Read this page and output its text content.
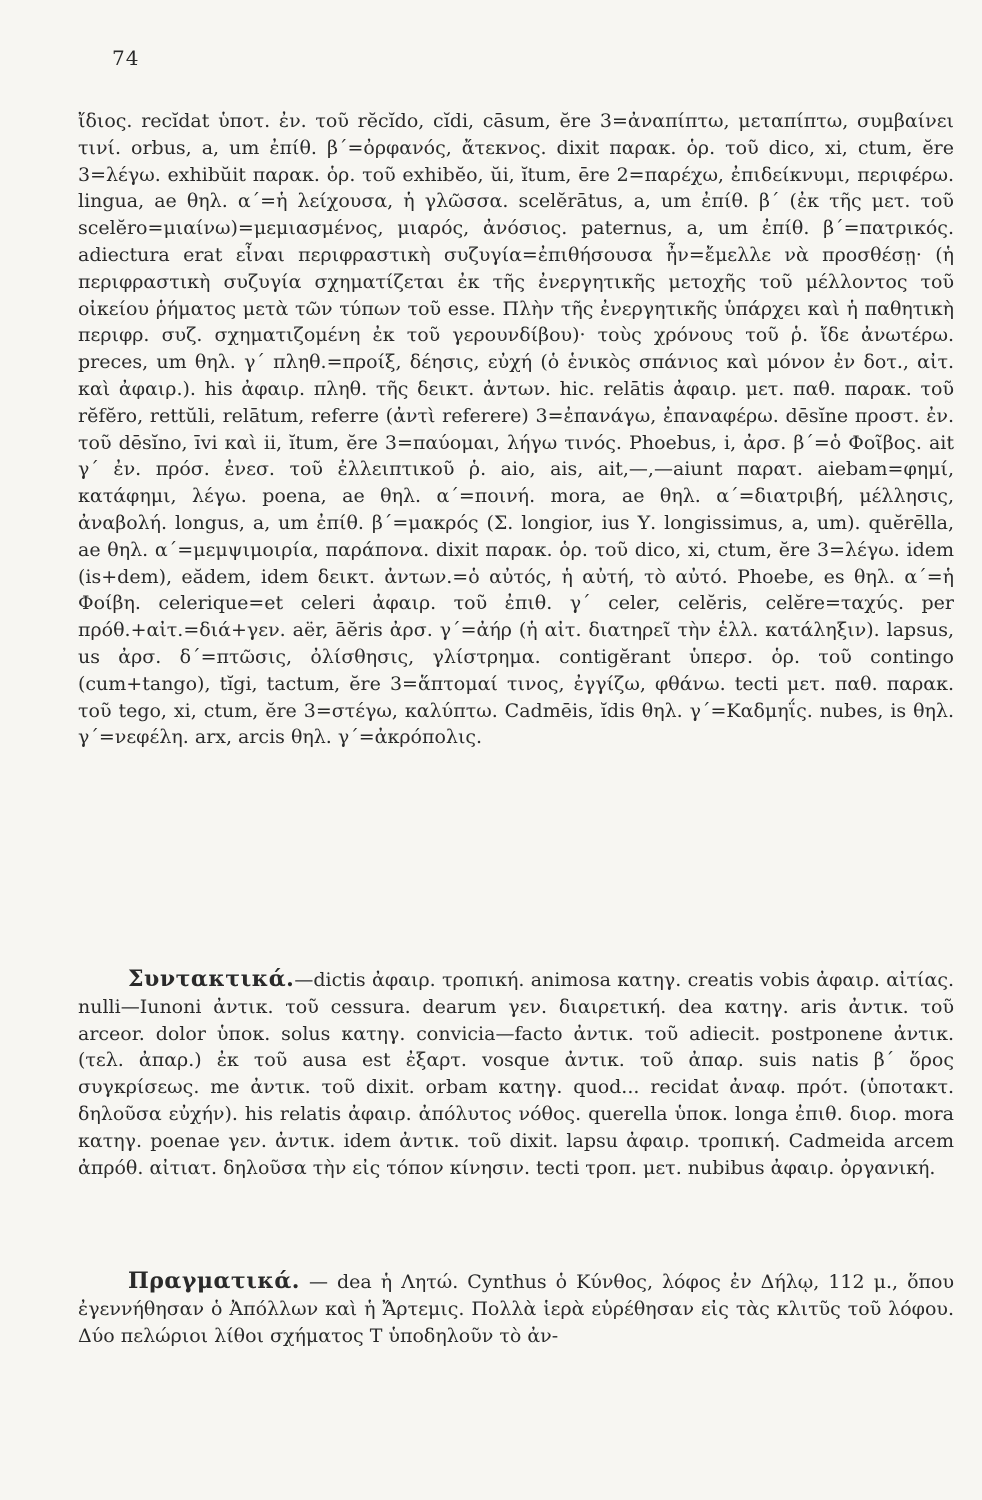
74

ἴδιος. recĭdat ὑποτ. ἐν. τοῦ rĕcĭdo, cĭdi, cāsum, ĕre 3=ἀναπίπτω, μεταπίπτω, συμβαίνει τινί. orbus, a, um ἐπίθ. β΄=ὀρφανός, ἄτεκνος. dixit παρακ. ὁρ. τοῦ dico, xi, ctum, ĕre 3=λέγω. exhibŭit παρακ. ὁρ. τοῦ exhibĕo, ŭi, ĭtum, ēre 2=παρέχω, ἐπιδείκνυμι, περιφέρω. lingua, ae θηλ. α΄=ἡ λείχουσα, ἡ γλῶσσα. scelĕrātus, a, um ἐπίθ. β΄ (ἐκ τῆς μετ. τοῦ scelĕro=μιαίνω)=μεμιασμένος, μιαρός, ἀνόσιος. paternus, a, um ἐπίθ. β΄=πατρικός. adiectura erat εἶναι περιφραστικὴ συζυγία=ἐπιθήσουσα ἦν=ἔμελλε νὰ προσθέσῃ· (ἡ περιφραστικὴ συζυγία σχηματίζεται ἐκ τῆς ἐνεργητικῆς μετοχῆς τοῦ μέλλοντος τοῦ οἰκείου ῥήματος μετὰ τῶν τύπων τοῦ esse. Πλὴν τῆς ἐνεργητικῆς ὑπάρχει καὶ ἡ παθητικὴ περιφρ. συζ. σχηματιζομένη ἐκ τοῦ γερουνδίβου)· τοὺς χρόνους τοῦ ῥ. ἴδε ἀνωτέρω. preces, um θηλ. γ΄ πληθ.=προίξ, δέησις, εὐχή (ὁ ἑνικὸς σπάνιος καὶ μόνον ἐν δοτ., αἰτ. καὶ ἀφαιρ.). his ἀφαιρ. πληθ. τῆς δεικτ. ἀντων. hic. relātis ἀφαιρ. μετ. παθ. παρακ. τοῦ rĕfĕro, rettŭli, relātum, referre (ἀντὶ referere) 3=ἐπανάγω, ἐπαναφέρω. dēsĭne προστ. ἐν. τοῦ dēsĭno, īvi καὶ ii, ĭtum, ĕre 3=παύομαι, λήγω τινός. Phoebus, i, ἀρσ. β΄=ὁ Φοῖβος. ait γ΄ ἐν. πρόσ. ἐνεσ. τοῦ ἐλλειπτικοῦ ῥ. aio, ais, ait,—,—aiunt παρατ. aiebam=φημί, κατάφημι, λέγω. poena, ae θηλ. α΄=ποινή. mora, ae θηλ. α΄=διατριβή, μέλλησις, ἀναβολή. longus, a, um ἐπίθ. β΄=μακρός (Σ. longior, ius Υ. longissimus, a, um). quĕrēlla, ae θηλ. α΄=μεμψιμοιρία, παράπονα. dixit παρακ. ὁρ. τοῦ dico, xi, ctum, ĕre 3=λέγω. idem (is+dem), eădem, idem δεικτ. ἀντων.=ὁ αὐτός, ἡ αὐτή, τὸ αὐτό. Phoebe, es θηλ. α΄=ἡ Φοίβη. celerique=et celeri ἀφαιρ. τοῦ ἐπιθ. γ΄ celer, celĕris, celĕre=ταχύς. per πρόθ.+αἰτ.=διά+γεν. aër, āĕris ἀρσ. γ΄=ἀήρ (ἡ αἰτ. διατηρεῖ τὴν ἑλλ. κατάληξιν). lapsus, us ἀρσ. δ΄=πτῶσις, ὀλίσθησις, γλίστρημα. contigĕrant ὑπερσ. ὁρ. τοῦ contingo (cum+tango), tĭgi, tactum, ĕre 3=ἅπτομαί τινος, ἐγγίζω, φθάνω. tecti μετ. παθ. παρακ. τοῦ tego, xi, ctum, ĕre 3=στέγω, καλύπτω. Cadmēis, ĭdis θηλ. γ΄=Καδμηΐς. nubes, is θηλ. γ΄=νεφέλη. arx, arcis θηλ. γ΄=ἀκρόπολις.

Συντακτικά.—dictis ἀφαιρ. τροπική. animosa κατηγ. creatis vobis ἀφαιρ. αἰτίας. nulli—Iunoni ἀντικ. τοῦ cessura. dearum γεν. διαιρετική. dea κατηγ. aris ἀντικ. τοῦ arceor. dolor ὑποκ. solus κατηγ. convicia—facto ἀντικ. τοῦ adiecit. postponene ἀντικ. (τελ. ἀπαρ.) ἐκ τοῦ ausa est ἐξαρτ. vosque ἀντικ. τοῦ ἀπαρ. suis natis β΄ ὅρος συγκρίσεως. me ἀντικ. τοῦ dixit. orbam κατηγ. quod... recidat ἀναφ. πρότ. (ὑποτακτ. δηλοῦσα εὐχήν). his relatis ἀφαιρ. ἀπόλυτος νόθος. querella ὑποκ. longa ἐπιθ. διορ. mora κατηγ. poenae γεν. ἀντικ. idem ἀντικ. τοῦ dixit. lapsu ἀφαιρ. τροπική. Cadmeida arcem ἀπρόθ. αἰτιατ. δηλοῦσα τὴν εἰς τόπον κίνησιν. tecti τροπ. μετ. nubibus ἀφαιρ. ὀργανική.

Πραγματικά. — dea ἡ Λητώ. Cynthus ὁ Κύνθος, λόφος ἐν Δήλῳ, 112 μ., ὅπου ἐγεννήθησαν ὁ Ἀπόλλων καὶ ἡ Ἄρτεμις. Πολλὰ ἱερὰ εὑρέθησαν εἰς τὰς κλιτῦς τοῦ λόφου. Δύο πελώριοι λίθοι σχήματος Τ ὑποδηλοῦν τὸ ἀν-
